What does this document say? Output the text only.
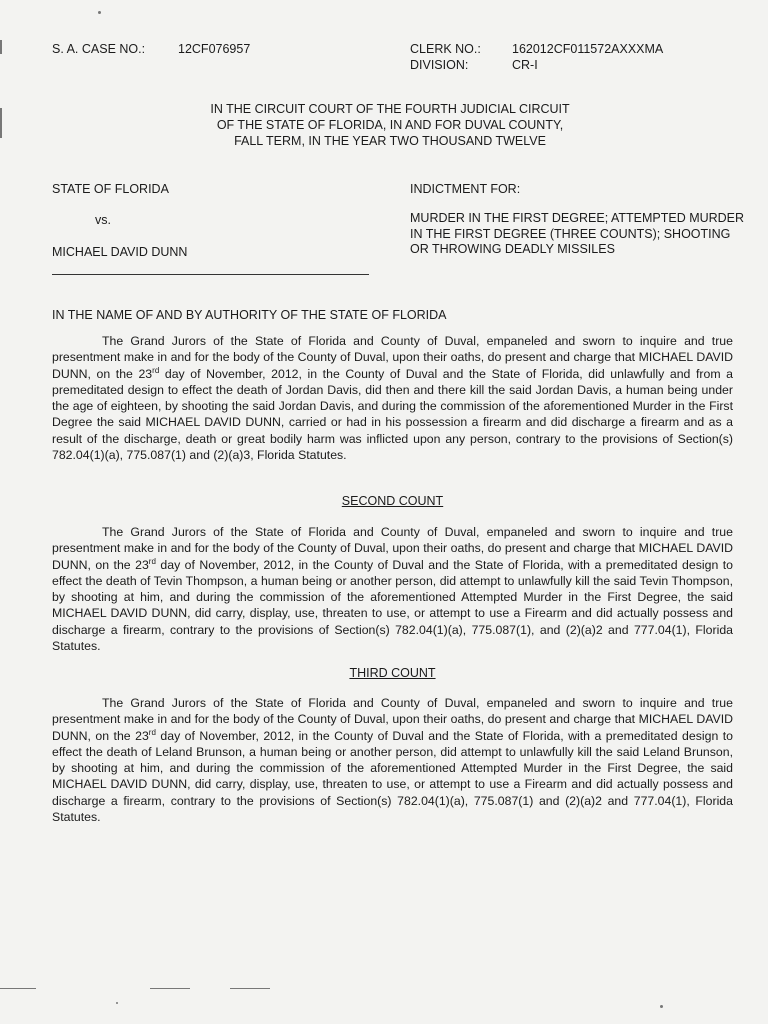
S. A. CASE NO.:	12CF076957	CLERK NO.: 162012CF011572AXXXMA
DIVISION:	CR-I
IN THE CIRCUIT COURT OF THE FOURTH JUDICIAL CIRCUIT
OF THE STATE OF FLORIDA, IN AND FOR DUVAL COUNTY,
FALL TERM, IN THE YEAR TWO THOUSAND TWELVE
STATE OF FLORIDA
vs.
MICHAEL DAVID DUNN
INDICTMENT FOR:
MURDER IN THE FIRST DEGREE; ATTEMPTED MURDER IN THE FIRST DEGREE (THREE COUNTS); SHOOTING OR THROWING DEADLY MISSILES
IN THE NAME OF AND BY AUTHORITY OF THE STATE OF FLORIDA
The Grand Jurors of the State of Florida and County of Duval, empaneled and sworn to inquire and true presentment make in and for the body of the County of Duval, upon their oaths, do present and charge that MICHAEL DAVID DUNN, on the 23rd day of November, 2012, in the County of Duval and the State of Florida, did unlawfully and from a premeditated design to effect the death of Jordan Davis, did then and there kill the said Jordan Davis, a human being under the age of eighteen, by shooting the said Jordan Davis, and during the commission of the aforementioned Murder in the First Degree the said MICHAEL DAVID DUNN, carried or had in his possession a firearm and did discharge a firearm and as a result of the discharge, death or great bodily harm was inflicted upon any person, contrary to the provisions of Section(s) 782.04(1)(a), 775.087(1) and (2)(a)3, Florida Statutes.
SECOND COUNT
The Grand Jurors of the State of Florida and County of Duval, empaneled and sworn to inquire and true presentment make in and for the body of the County of Duval, upon their oaths, do present and charge that MICHAEL DAVID DUNN, on the 23rd day of November, 2012, in the County of Duval and the State of Florida, with a premeditated design to effect the death of Tevin Thompson, a human being or another person, did attempt to unlawfully kill the said Tevin Thompson, by shooting at him, and during the commission of the aforementioned Attempted Murder in the First Degree, the said MICHAEL DAVID DUNN, did carry, display, use, threaten to use, or attempt to use a Firearm and did actually possess and discharge a firearm, contrary to the provisions of Section(s) 782.04(1)(a), 775.087(1), and (2)(a)2 and 777.04(1), Florida Statutes.
THIRD COUNT
The Grand Jurors of the State of Florida and County of Duval, empaneled and sworn to inquire and true presentment make in and for the body of the County of Duval, upon their oaths, do present and charge that MICHAEL DAVID DUNN, on the 23rd day of November, 2012, in the County of Duval and the State of Florida, with a premeditated design to effect the death of Leland Brunson, a human being or another person, did attempt to unlawfully kill the said Leland Brunson, by shooting at him, and during the commission of the aforementioned Attempted Murder in the First Degree, the said MICHAEL DAVID DUNN, did carry, display, use, threaten to use, or attempt to use a Firearm and did actually possess and discharge a firearm, contrary to the provisions of Section(s) 782.04(1)(a), 775.087(1) and (2)(a)2 and 777.04(1), Florida Statutes.
